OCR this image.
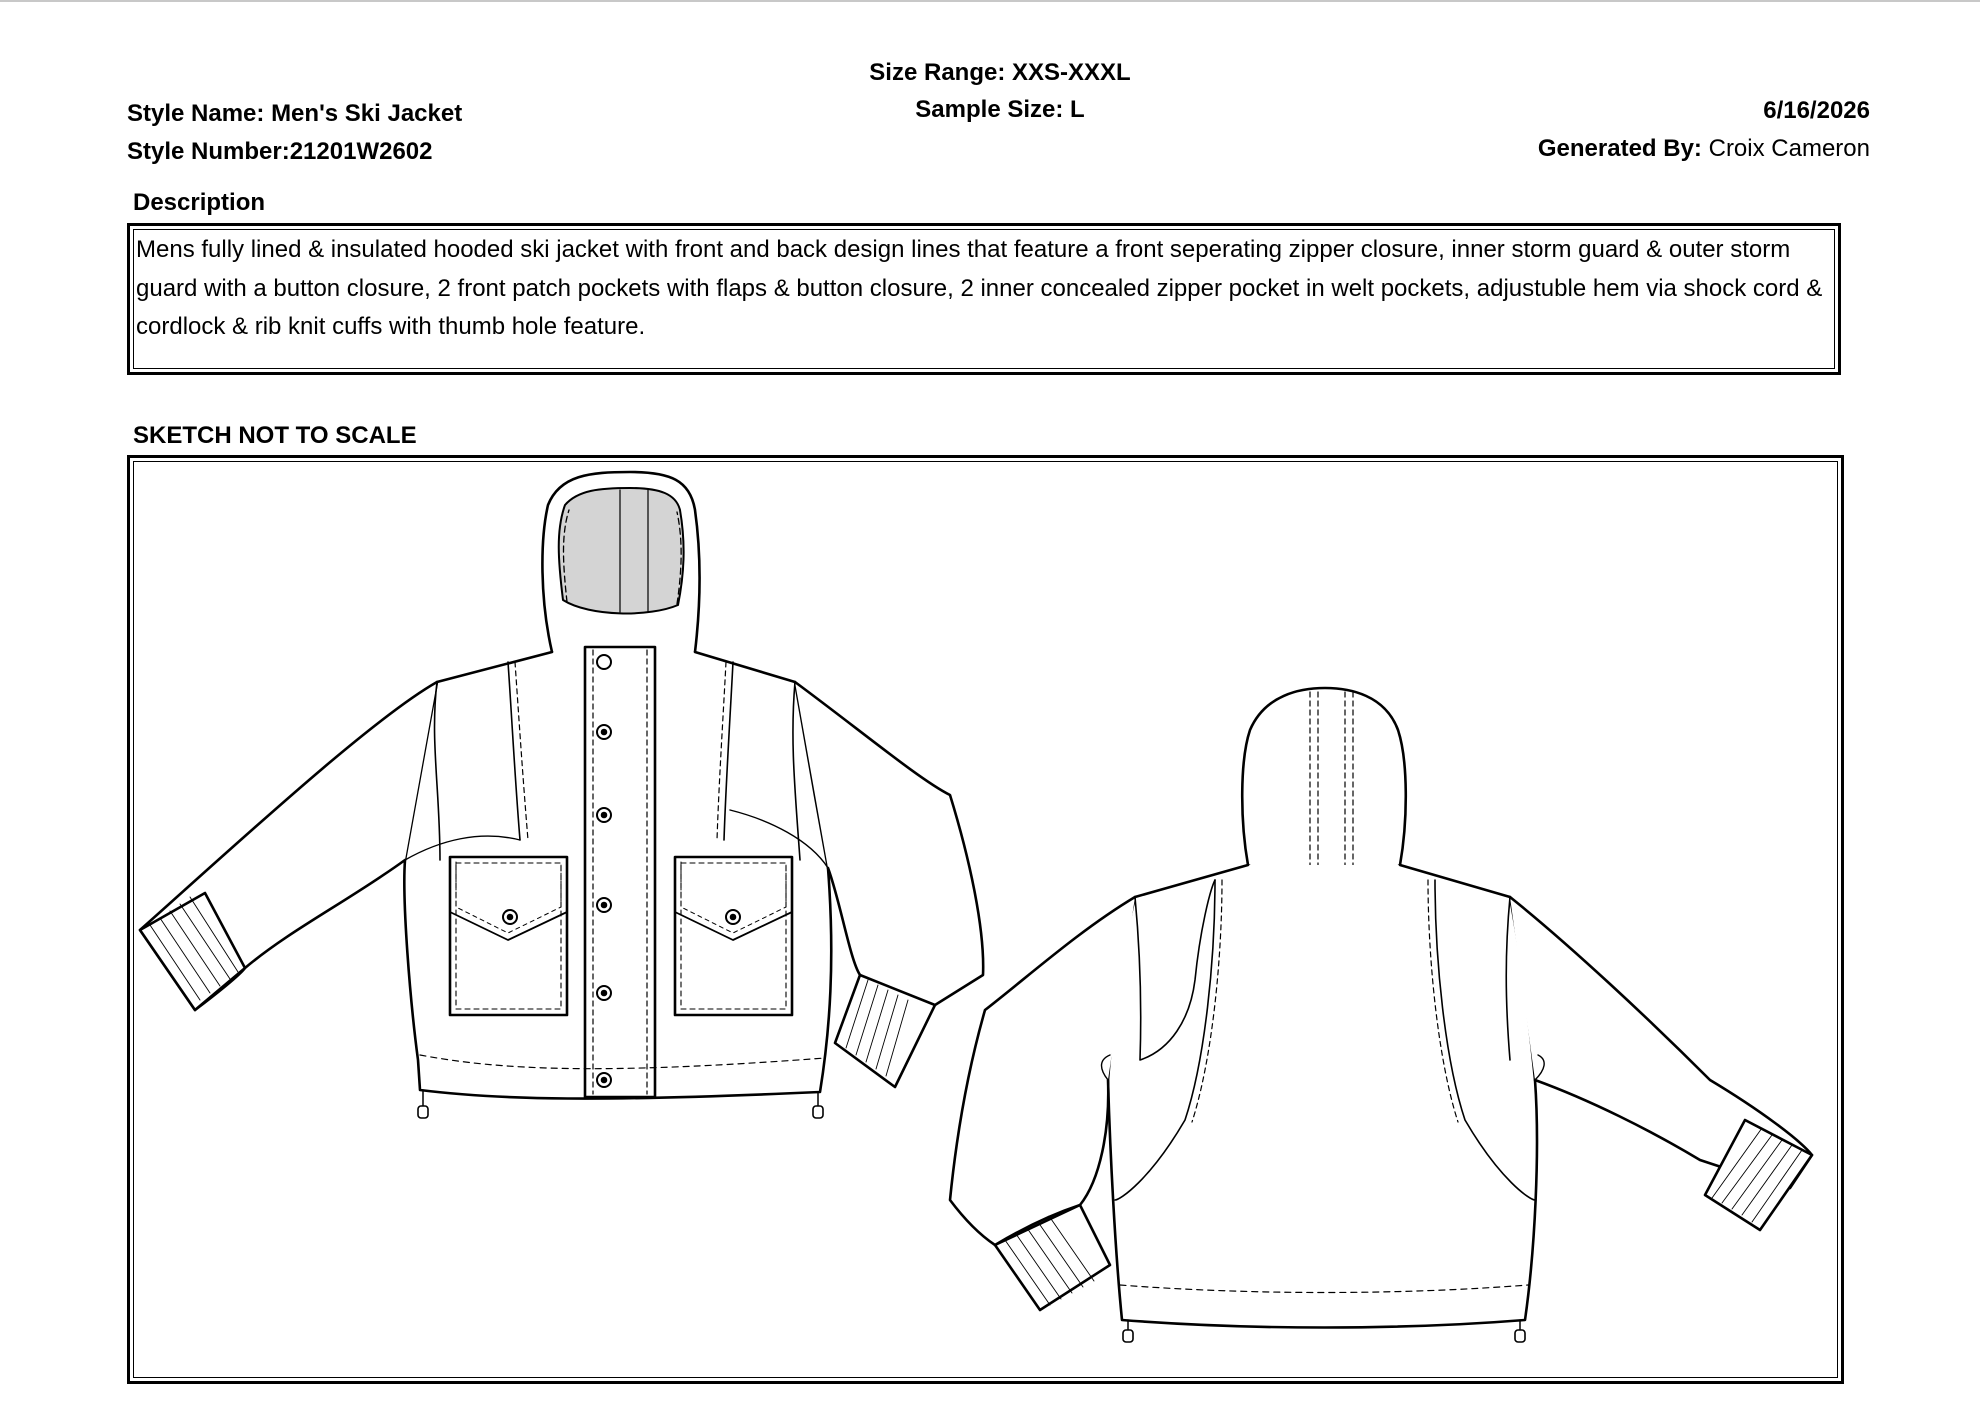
Size Range: XXS-XXXL
Sample Size: L
Style Name: Men's Ski Jacket
Style Number:21201W2602
6/16/2026
Generated By: Croix Cameron
Description
Mens fully lined & insulated hooded ski jacket with front and back design lines that feature a front seperating zipper closure, inner storm guard & outer storm guard with a button closure, 2 front patch pockets with flaps & button closure, 2 inner concealed zipper pocket in welt pockets, adjustuble hem via shock cord & cordlock & rib knit cuffs with thumb hole feature.
SKETCH NOT TO SCALE
